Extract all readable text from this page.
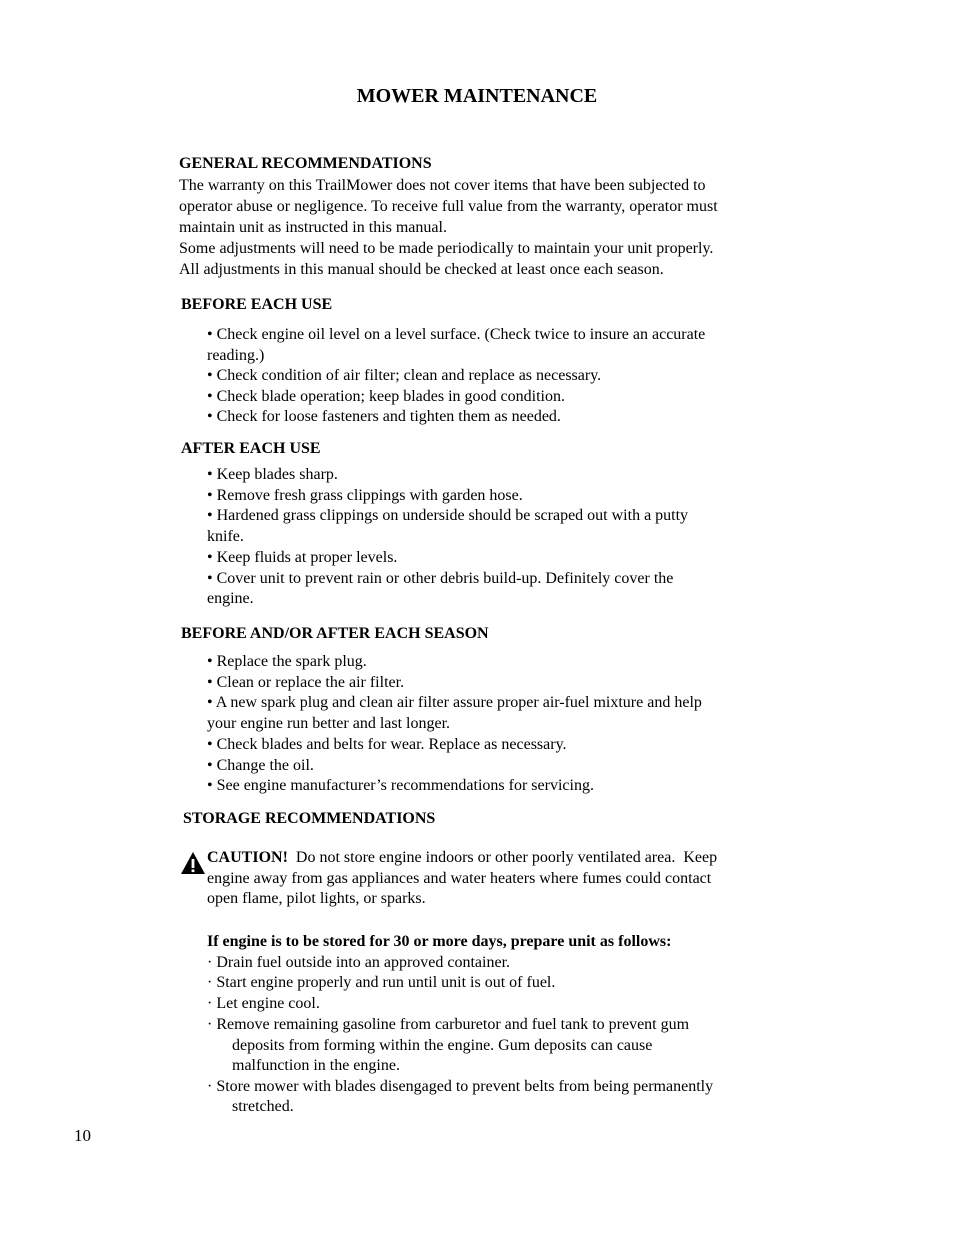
MOWER MAINTENANCE
GENERAL RECOMMENDATIONS
The warranty on this TrailMower does not cover items that have been subjected to
operator abuse or negligence. To receive full value from the warranty, operator must
maintain unit as instructed in this manual.
Some adjustments will need to be made periodically to maintain your unit properly.
All adjustments in this manual should be checked at least once each season.
BEFORE EACH USE
• Check engine oil level on a level surface. (Check twice to insure an accurate
reading.)
• Check condition of air filter; clean and replace as necessary.
• Check blade operation; keep blades in good condition.
• Check for loose fasteners and tighten them as needed.
AFTER EACH USE
• Keep blades sharp.
• Remove fresh grass clippings with garden hose.
• Hardened grass clippings on underside should be scraped out with a putty
knife.
• Keep fluids at proper levels.
• Cover unit to prevent rain or other debris build-up. Definitely cover the
engine.
BEFORE AND/OR AFTER EACH SEASON
• Replace the spark plug.
• Clean or replace the air filter.
• A new spark plug and clean air filter assure proper air-fuel mixture and help
your engine run better and last longer.
• Check blades and belts for wear. Replace as necessary.
• Change the oil.
• See engine manufacturer’s recommendations for servicing.
STORAGE RECOMMENDATIONS
CAUTION!  Do not store engine indoors or other poorly ventilated area.  Keep
engine away from gas appliances and water heaters where fumes could contact
open flame, pilot lights, or sparks.
If engine is to be stored for 30 or more days, prepare unit as follows:
· Drain fuel outside into an approved container.
· Start engine properly and run until unit is out of fuel.
· Let engine cool.
· Remove remaining gasoline from carburetor and fuel tank to prevent gum
deposits from forming within the engine. Gum deposits can cause
malfunction in the engine.
· Store mower with blades disengaged to prevent belts from being permanently
stretched.
10
